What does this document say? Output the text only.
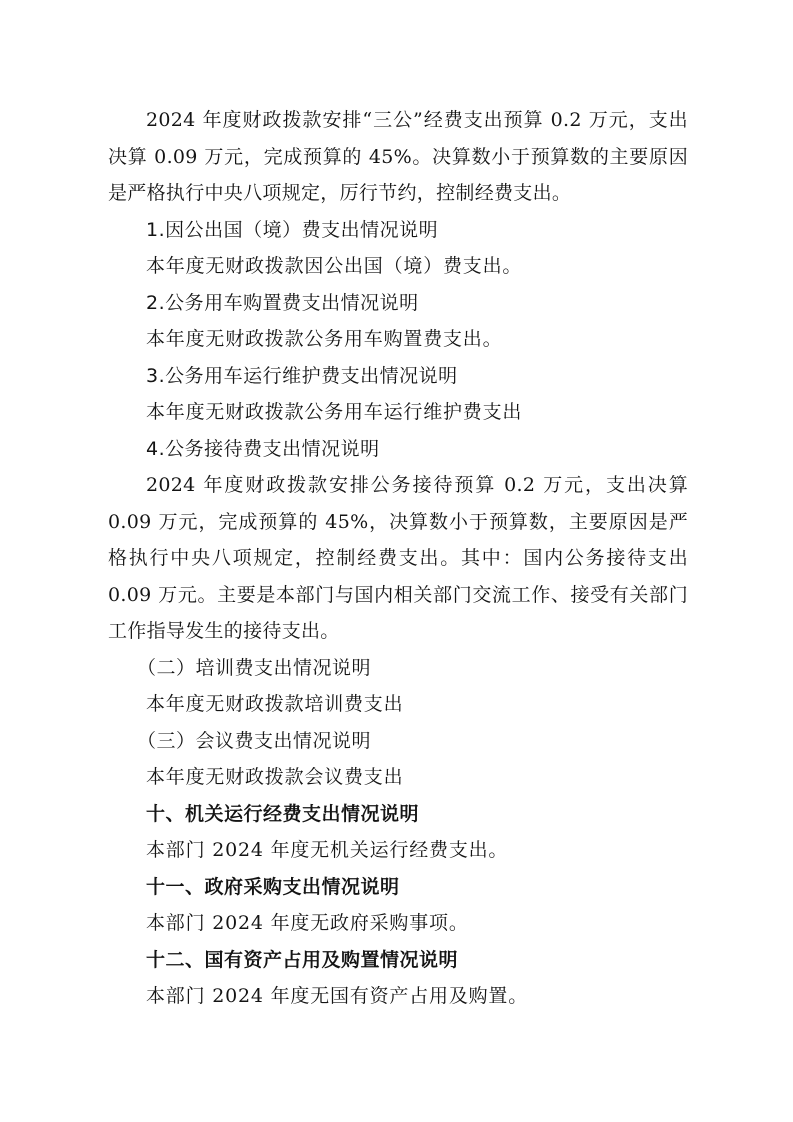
2024 年度财政拨款安排“三公”经费支出预算 0.2 万元，支出决算 0.09 万元，完成预算的 45%。决算数小于预算数的主要原因是严格执行中央八项规定，厉行节约，控制经费支出。

1.因公出国（境）费支出情况说明

本年度无财政拨款因公出国（境）费支出。

2.公务用车购置费支出情况说明

本年度无财政拨款公务用车购置费支出。

3.公务用车运行维护费支出情况说明

本年度无财政拨款公务用车运行维护费支出

4.公务接待费支出情况说明

2024 年度财政拨款安排公务接待预算 0.2 万元，支出决算 0.09 万元，完成预算的 45%，决算数小于预算数，主要原因是严格执行中央八项规定，控制经费支出。其中：国内公务接待支出 0.09 万元。主要是本部门与国内相关部门交流工作、接受有关部门工作指导发生的接待支出。

（二）培训费支出情况说明

本年度无财政拨款培训费支出

（三）会议费支出情况说明

本年度无财政拨款会议费支出

十、机关运行经费支出情况说明

本部门 2024 年度无机关运行经费支出。

十一、政府采购支出情况说明

本部门 2024 年度无政府采购事项。

十二、国有资产占用及购置情况说明

本部门 2024 年度无国有资产占用及购置。
